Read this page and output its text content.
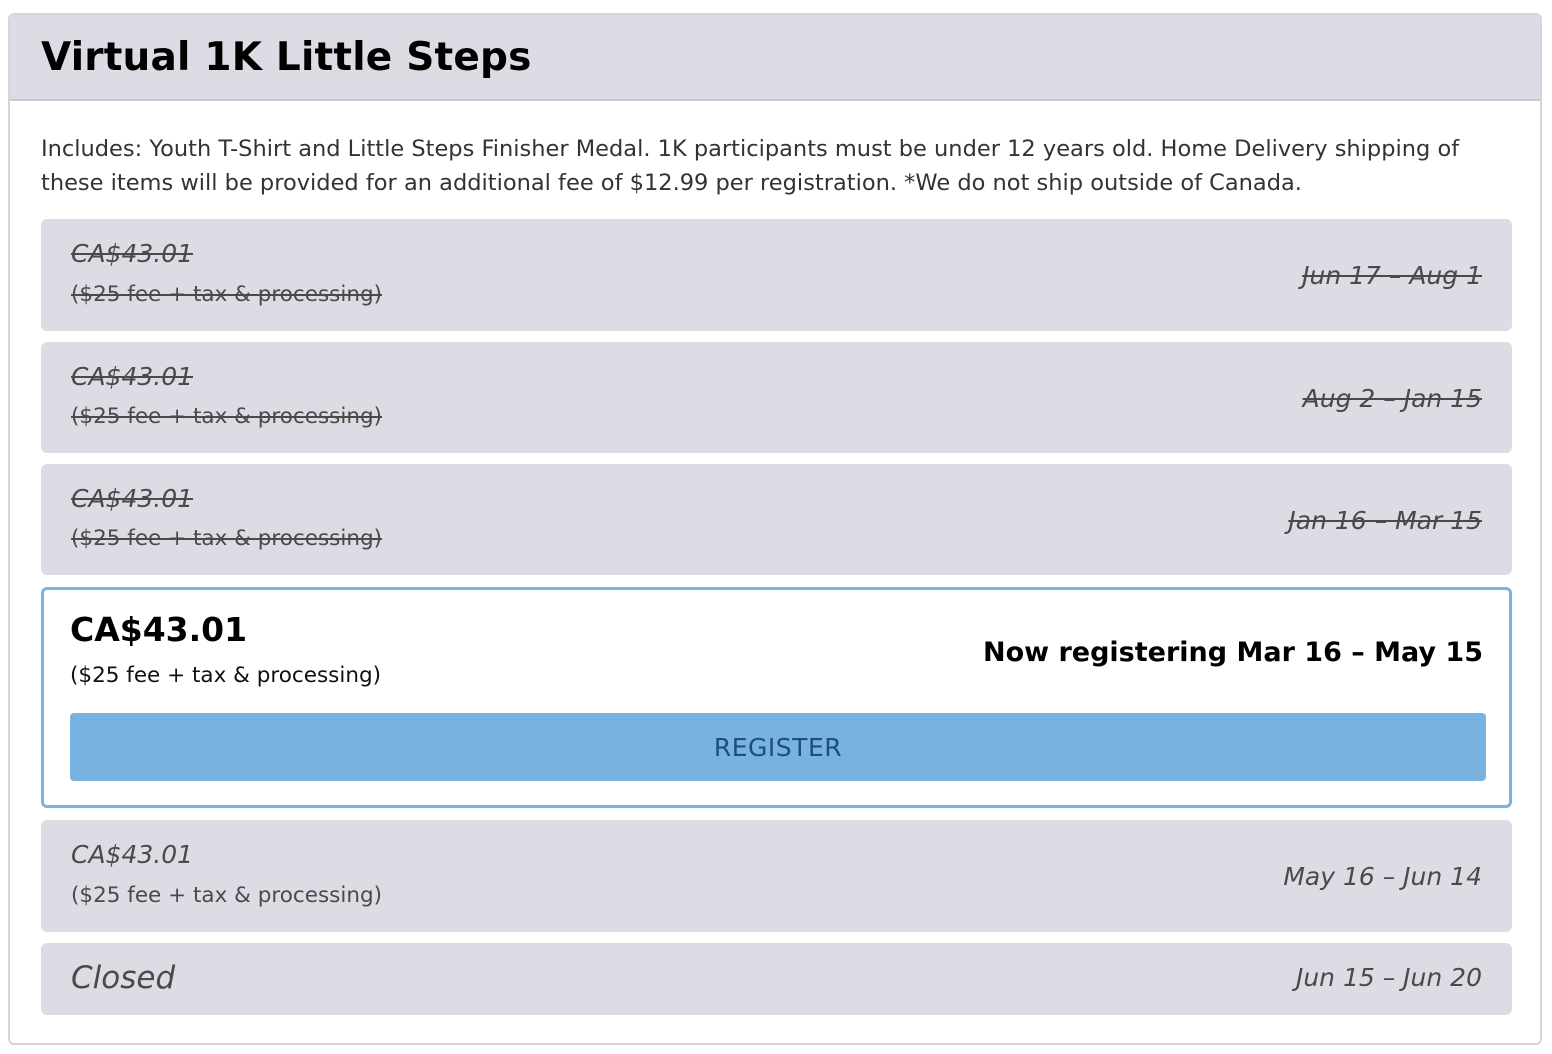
Virtual 1K Little Steps
Includes: Youth T-Shirt and Little Steps Finisher Medal. 1K participants must be under 12 years old. Home Delivery shipping of these items will be provided for an additional fee of $12.99 per registration. *We do not ship outside of Canada.
CA$43.01
($25 fee + tax & processing)
Jun 17 – Aug 1
CA$43.01
($25 fee + tax & processing)
Aug 2 – Jan 15
CA$43.01
($25 fee + tax & processing)
Jan 16 – Mar 15
CA$43.01
($25 fee + tax & processing)
Now registering Mar 16 – May 15
REGISTER
CA$43.01
($25 fee + tax & processing)
May 16 – Jun 14
Closed	Jun 15 – Jun 20
